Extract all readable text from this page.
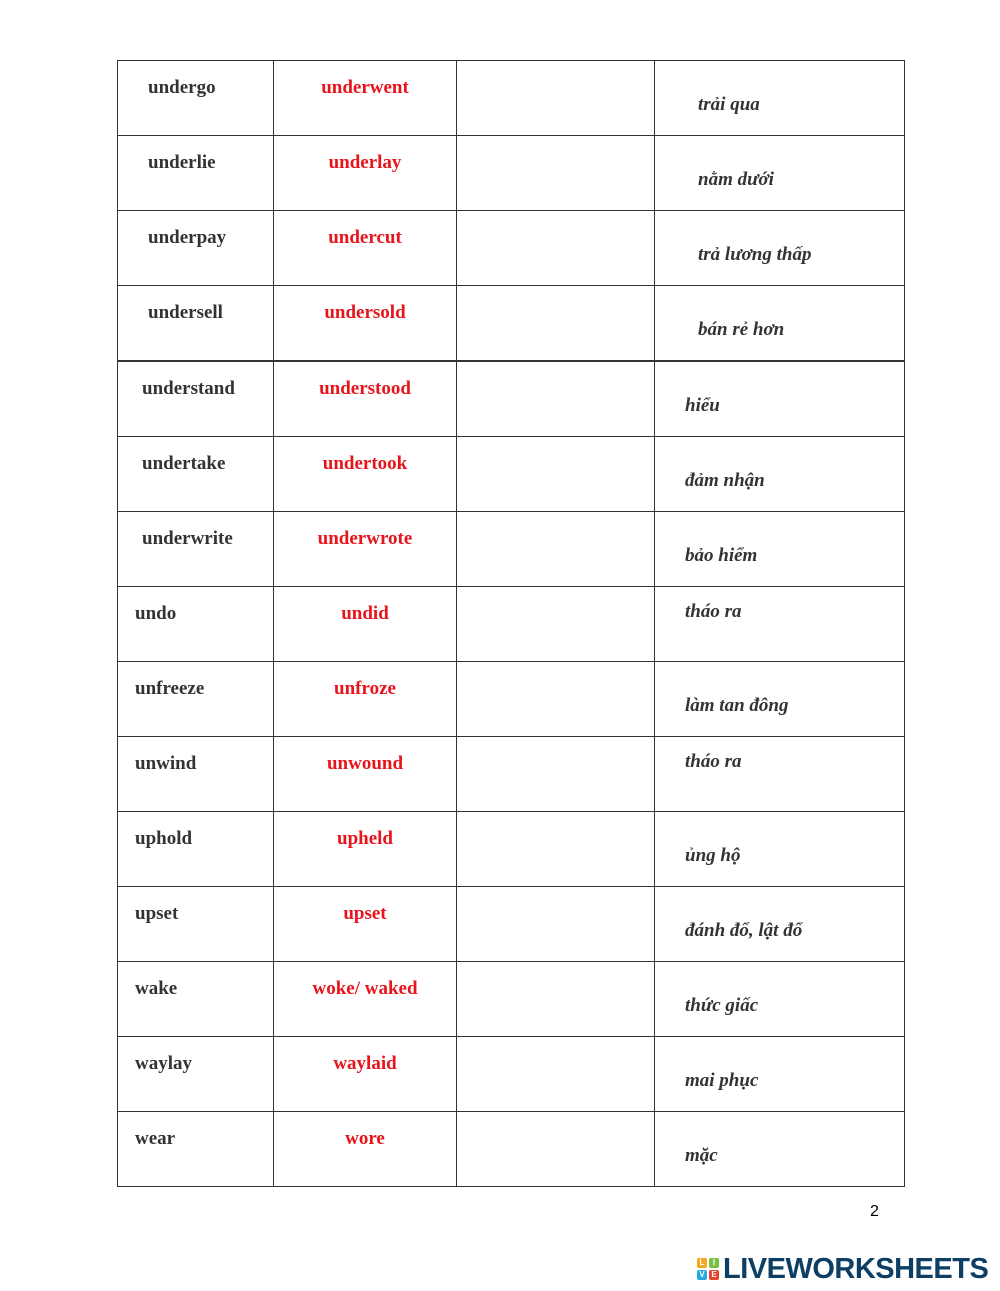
undergo	underwent		trải qua

underlie	underlay		nằm dưới

underpay	undercut		trả lương thấp

undersell	undersold		bán rẻ hơn
understand	understood		hiểu

undertake	undertook		đảm nhận

underwrite	underwrote		bảo hiểm

undo	undid		tháo ra

unfreeze	unfroze		làm tan đông

unwind	unwound		tháo ra

uphold	upheld		ủng hộ

upset	upset		đánh đổ, lật đổ

wake	woke/ waked		thức giấc

waylay	waylaid		mai phục

wear	wore		mặc
2
L	I
V E LIVEWORKSHEETS
